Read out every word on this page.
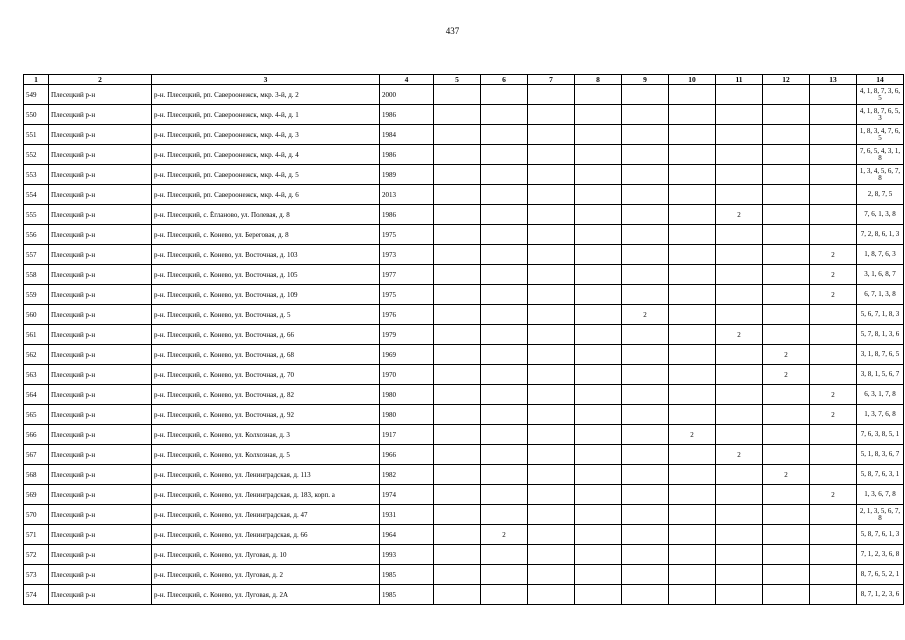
437
1	2	3	4	5	6	7	8	9	10	11	12	13	14
549	Плесецкий р-н	р-н. Плесецкий, рп. Савероонежск, мкр. 3-й, д. 2	2000										4, 1, 8, 7, 3, 6, 5
550	Плесецкий р-н	р-н. Плесецкий, рп. Савероонежск, мкр. 4-й, д. 1	1986										4, 1, 8, 7, 6, 5, 3
551	Плесецкий р-н	р-н. Плесецкий, рп. Савероонежск, мкр. 4-й, д. 3	1984										1, 8, 3, 4, 7, 6, 5
552	Плесецкий р-н	р-н. Плесецкий, рп. Савероонежск, мкр. 4-й, д. 4	1986										7, 6, 5, 4, 3, 1, 8
553	Плесецкий р-н	р-н. Плесецкий, рп. Савероонежск, мкр. 4-й, д. 5	1989										1, 3, 4, 5, 6, 7, 8
554	Плесецкий р-н	р-н. Плесецкий, рп. Савероонежск, мкр. 4-й, д. 6	2013										2, 8, 7, 5
555	Плесецкий р-н	р-н. Плесецкий, с. Ёгланово, ул. Полевая, д. 8	1986							2			7, 6, 1, 3, 8
556	Плесецкий р-н	р-н. Плесецкий, с. Конево, ул. Береговая, д. 8	1975										7, 2, 8, 6, 1, 3
557	Плесецкий р-н	р-н. Плесецкий, с. Конево, ул. Восточная, д. 103	1973									2	1, 8, 7, 6, 3
558	Плесецкий р-н	р-н. Плесецкий, с. Конево, ул. Восточная, д. 105	1977									2	3, 1, 6, 8, 7
559	Плесецкий р-н	р-н. Плесецкий, с. Конево, ул. Восточная, д. 109	1975									2	6, 7, 1, 3, 8
560	Плесецкий р-н	р-н. Плесецкий, с. Конево, ул. Восточная, д. 5	1976					2					5, 6, 7, 1, 8, 3
561	Плесецкий р-н	р-н. Плесецкий, с. Конево, ул. Восточная, д. 66	1979							2			5, 7, 8, 1, 3, 6
562	Плесецкий р-н	р-н. Плесецкий, с. Конево, ул. Восточная, д. 68	1969								2		3, 1, 8, 7, 6, 5
563	Плесецкий р-н	р-н. Плесецкий, с. Конево, ул. Восточная, д. 70	1970								2		3, 8, 1, 5, 6, 7
564	Плесецкий р-н	р-н. Плесецкий, с. Конево, ул. Восточная, д. 82	1980									2	6, 3, 1, 7, 8
565	Плесецкий р-н	р-н. Плесецкий, с. Конево, ул. Восточная, д. 92	1980									2	1, 3, 7, 6, 8
566	Плесецкий р-н	р-н. Плесецкий, с. Конево, ул. Колхозная, д. 3	1917						2				7, 6, 3, 8, 5, 1
567	Плесецкий р-н	р-н. Плесецкий, с. Конево, ул. Колхозная, д. 5	1966							2			5, 1, 8, 3, 6, 7
568	Плесецкий р-н	р-н. Плесецкий, с. Конево, ул. Ленинградская, д. 113	1982								2		5, 8, 7, 6, 3, 1
569	Плесецкий р-н	р-н. Плесецкий, с. Конево, ул. Ленинградская, д. 183, корп. а	1974									2	1, 3, 6, 7, 8
570	Плесецкий р-н	р-н. Плесецкий, с. Конево, ул. Ленинградская, д. 47	1931										2, 1, 3, 5, 6, 7, 8
571	Плесецкий р-н	р-н. Плесецкий, с. Конево, ул. Ленинградская, д. 66	1964		2								5, 8, 7, 6, 1, 3
572	Плесецкий р-н	р-н. Плесецкий, с. Конево, ул. Луговая, д. 10	1993										7, 1, 2, 3, 6, 8
573	Плесецкий р-н	р-н. Плесецкий, с. Конево, ул. Луговая, д. 2	1985										8, 7, 6, 5, 2, 1
574	Плесецкий р-н	р-н. Плесецкий, с. Конево, ул. Луговая, д. 2А	1985										8, 7, 1, 2, 3, 6
